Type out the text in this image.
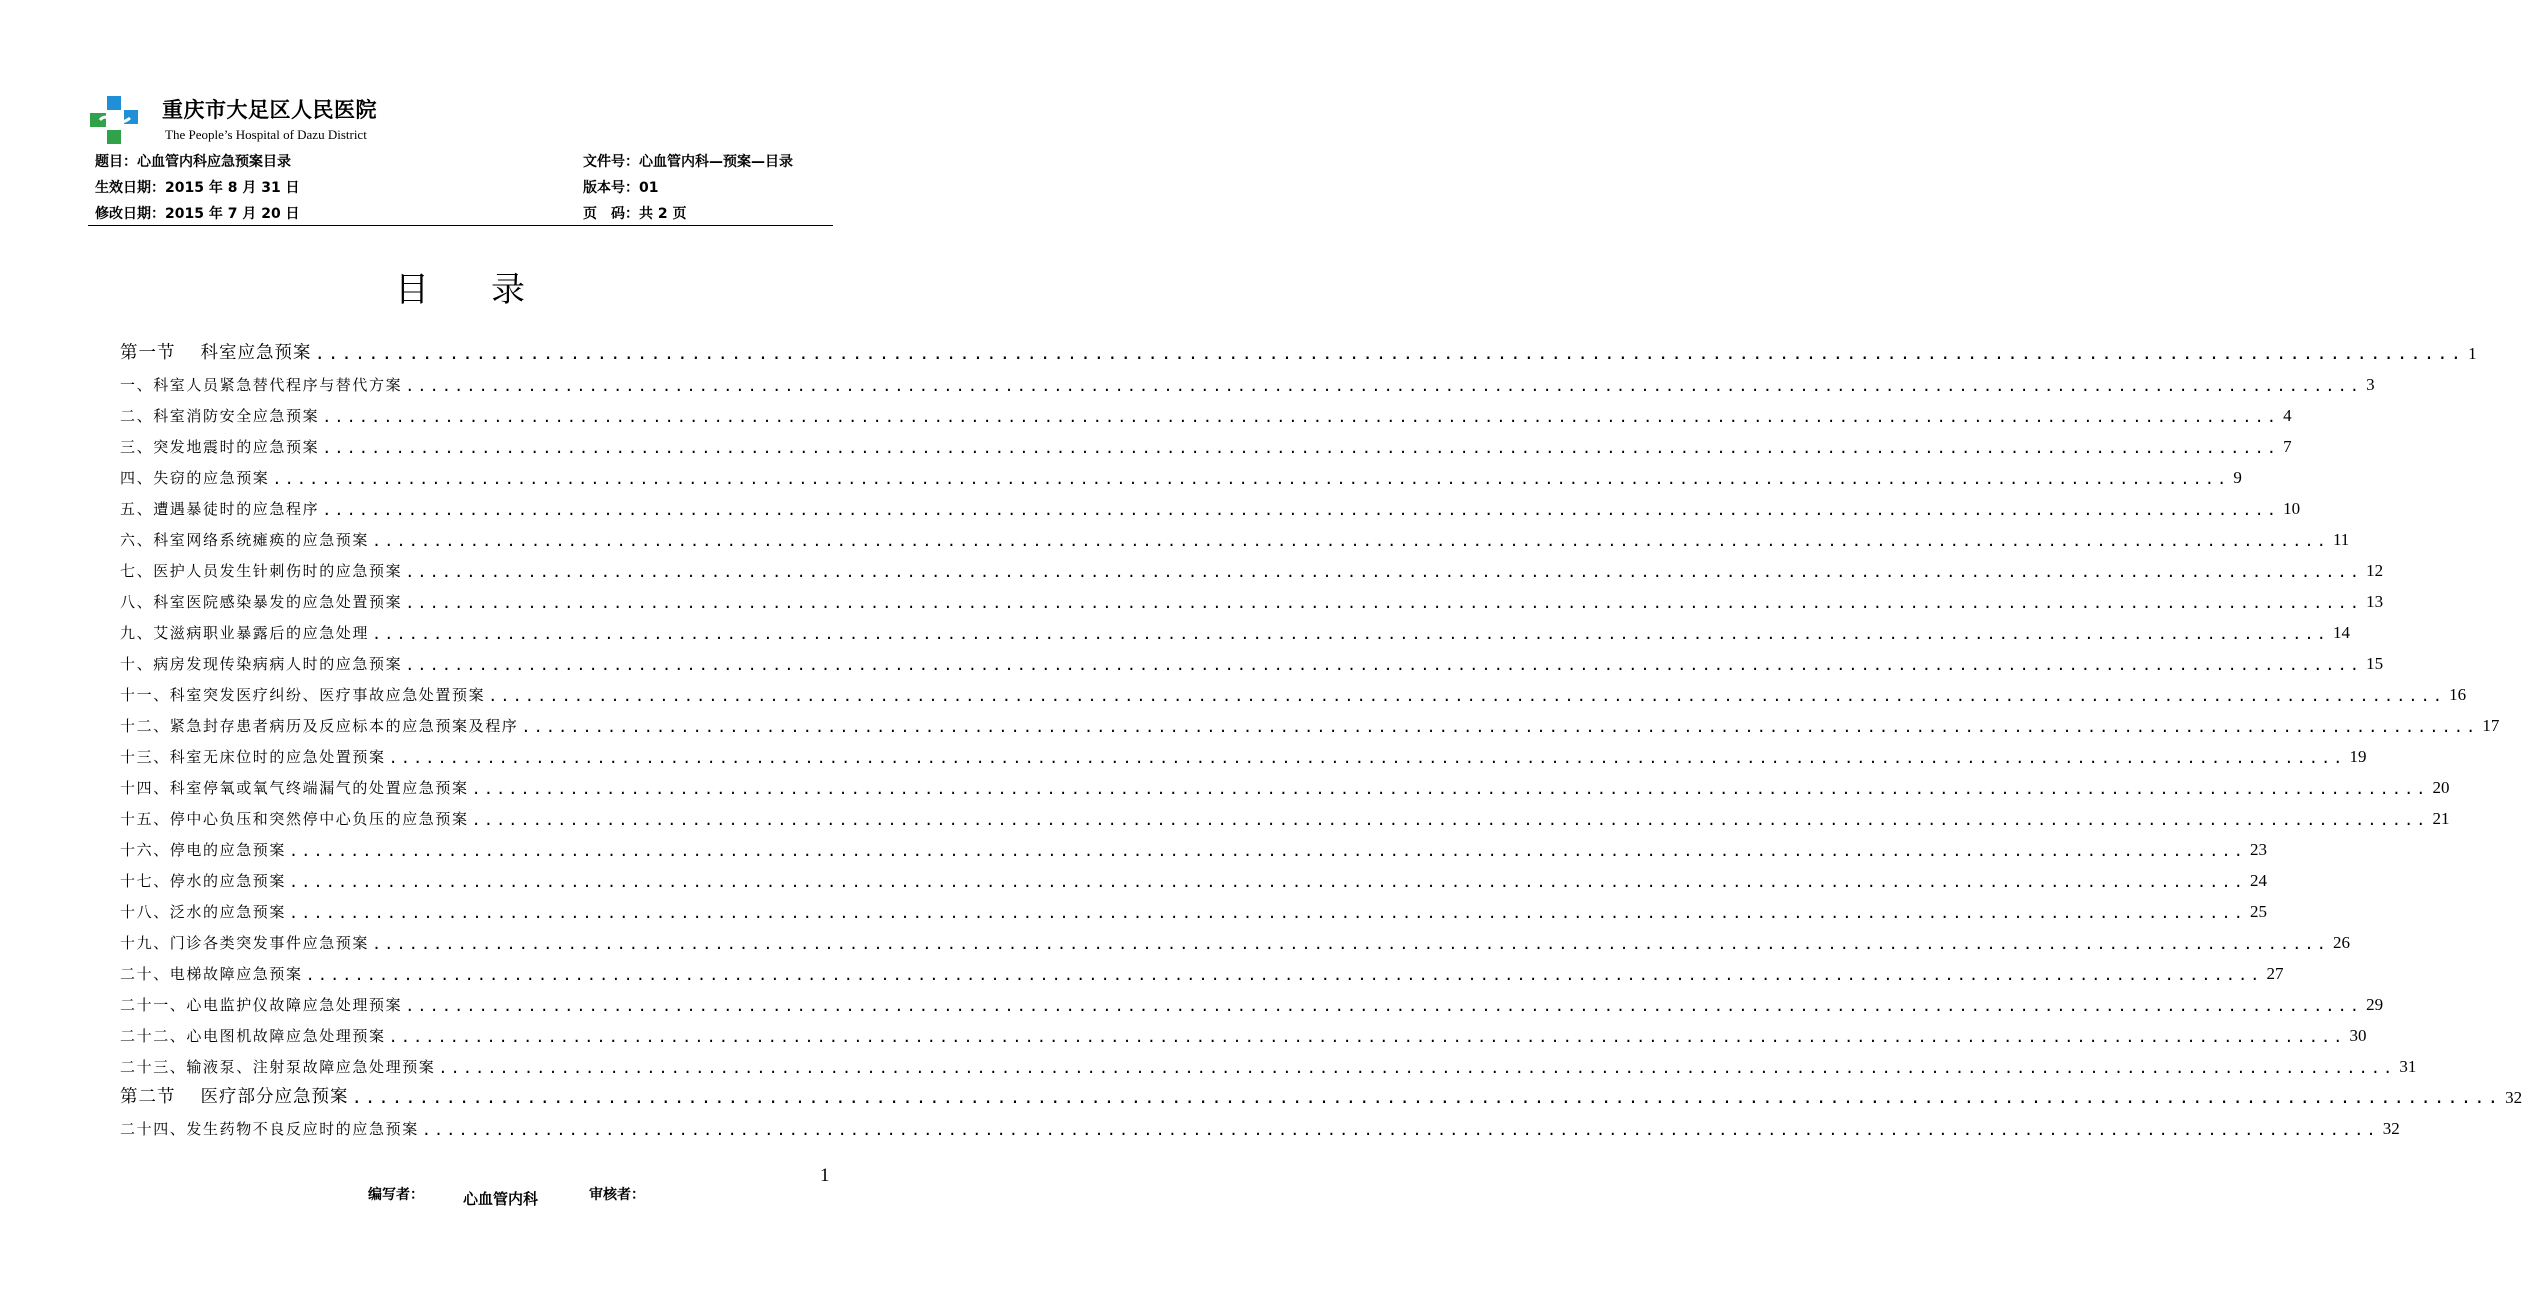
重庆市大足区人民医院
The People’s Hospital of Dazu District
题目：心血管内科应急预案目录
生效日期：2015 年 8 月 31 日
修改日期：2015 年 7 月 20 日
文件号：心血管内科—预案—目录
版本号：01
页　码：共 2 页
目录
第一节　 科室应急预案 ................................................................................................................................................................ 1
一、科室人员紧急替代程序与替代方案 ................................................................................................................................................................ 3
二、科室消防安全应急预案 ................................................................................................................................................................ 4
三、突发地震时的应急预案 ................................................................................................................................................................ 7
四、失窃的应急预案 ................................................................................................................................................................ 9
五、遭遇暴徒时的应急程序 ................................................................................................................................................................ 10
六、科室网络系统瘫痪的应急预案 ................................................................................................................................................................ 11
七、医护人员发生针刺伤时的应急预案 ................................................................................................................................................................ 12
八、科室医院感染暴发的应急处置预案 ................................................................................................................................................................ 13
九、艾滋病职业暴露后的应急处理 ................................................................................................................................................................ 14
十、病房发现传染病病人时的应急预案 ................................................................................................................................................................ 15
十一、科室突发医疗纠纷、医疗事故应急处置预案 ................................................................................................................................................................ 16
十二、紧急封存患者病历及反应标本的应急预案及程序 ................................................................................................................................................................ 17
十三、科室无床位时的应急处置预案 ................................................................................................................................................................ 19
十四、科室停氧或氧气终端漏气的处置应急预案 ................................................................................................................................................................ 20
十五、停中心负压和突然停中心负压的应急预案 ................................................................................................................................................................ 21
十六、停电的应急预案 ................................................................................................................................................................ 23
十七、停水的应急预案 ................................................................................................................................................................ 24
十八、泛水的应急预案 ................................................................................................................................................................ 25
十九、门诊各类突发事件应急预案 ................................................................................................................................................................ 26
二十、电梯故障应急预案 ................................................................................................................................................................ 27
二十一、心电监护仪故障应急处理预案 ................................................................................................................................................................ 29
二十二、心电图机故障应急处理预案 ................................................................................................................................................................ 30
二十三、输液泵、注射泵故障应急处理预案 ................................................................................................................................................................ 31
第二节　 医疗部分应急预案 ................................................................................................................................................................ 32
二十四、发生药物不良反应时的应急预案 ................................................................................................................................................................ 32
1
编写者：	心血管内科	审核者：
